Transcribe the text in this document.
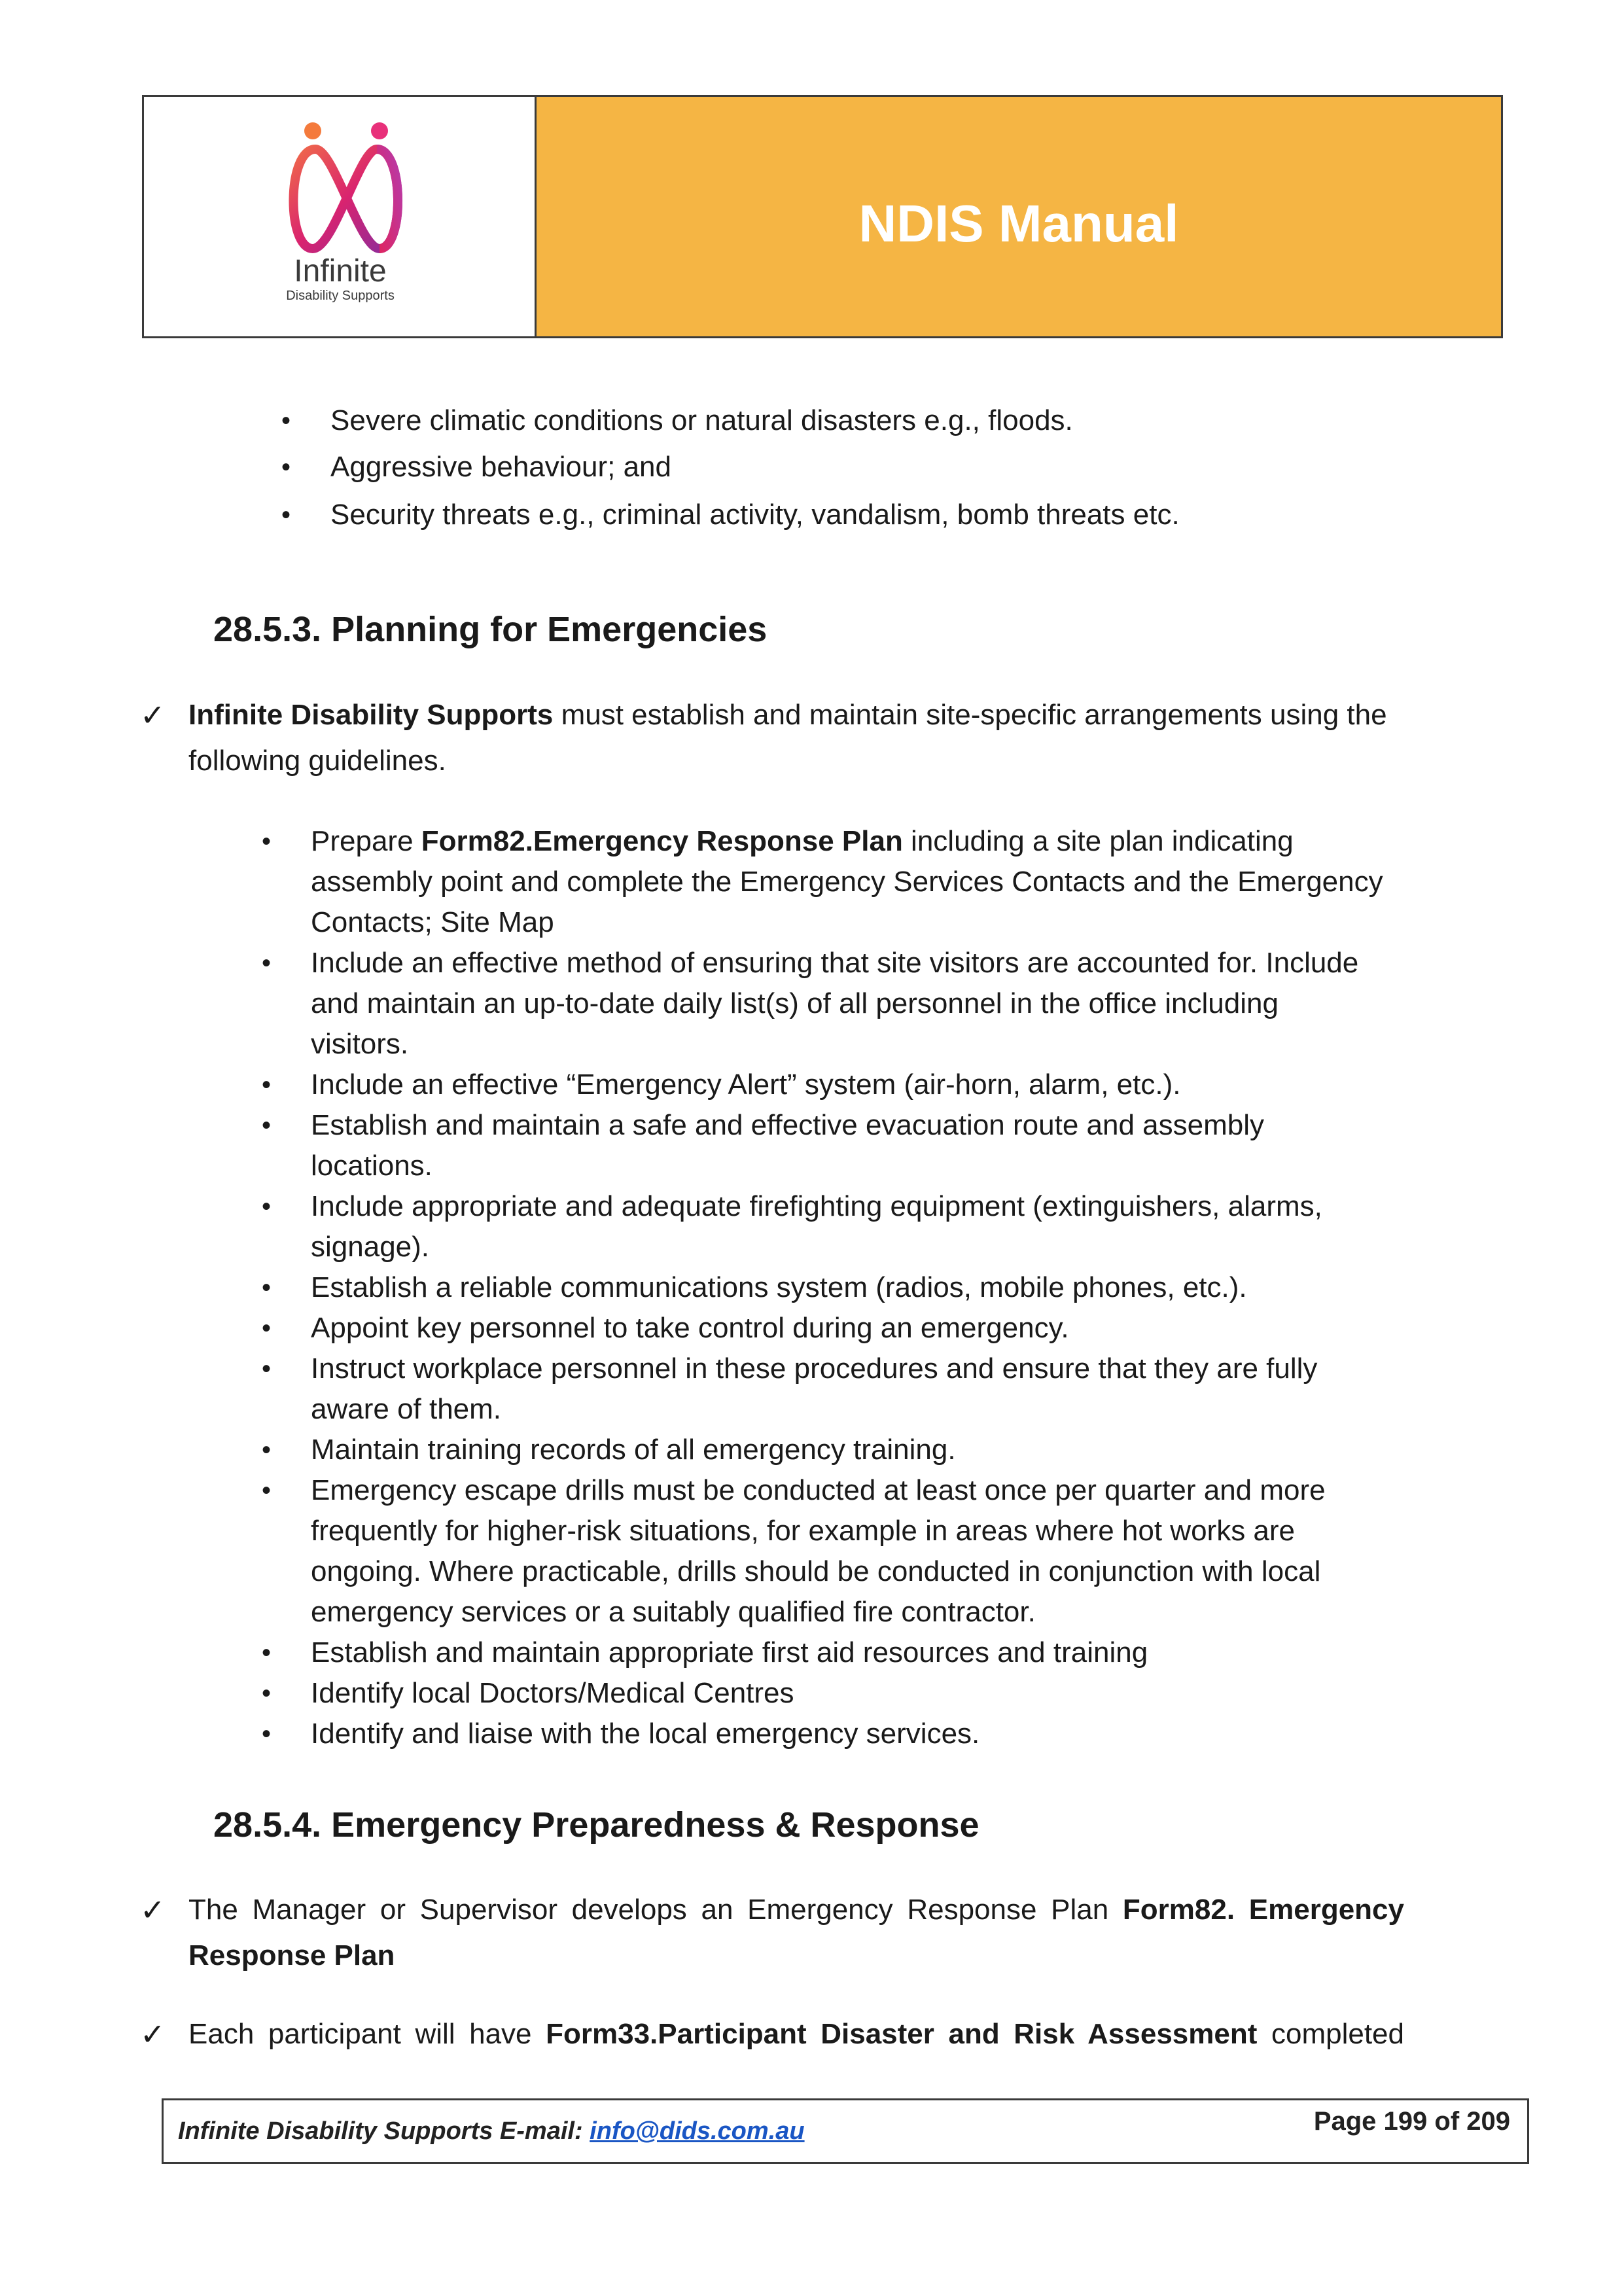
Infinite
Disability Supports
NDIS Manual
• Severe climatic conditions or natural disasters e.g., floods.
• Aggressive behaviour; and
• Security threats e.g., criminal activity, vandalism, bomb threats etc.
28.5.3. Planning for Emergencies
✓ Infinite Disability Supports must establish and maintain site-specific arrangements using the
following guidelines.
• Prepare Form82.Emergency Response Plan including a site plan indicating
assembly point and complete the Emergency Services Contacts and the Emergency
Contacts; Site Map
• Include an effective method of ensuring that site visitors are accounted for. Include
and maintain an up-to-date daily list(s) of all personnel in the office including
visitors.
• Include an effective “Emergency Alert” system (air-horn, alarm, etc.).
• Establish and maintain a safe and effective evacuation route and assembly
locations.
• Include appropriate and adequate firefighting equipment (extinguishers, alarms,
signage).
• Establish a reliable communications system (radios, mobile phones, etc.).
• Appoint key personnel to take control during an emergency.
• Instruct workplace personnel in these procedures and ensure that they are fully
aware of them.
• Maintain training records of all emergency training.
• Emergency escape drills must be conducted at least once per quarter and more
frequently for higher-risk situations, for example in areas where hot works are
ongoing. Where practicable, drills should be conducted in conjunction with local
emergency services or a suitably qualified fire contractor.
• Establish and maintain appropriate first aid resources and training
• Identify local Doctors/Medical Centres
• Identify and liaise with the local emergency services.
28.5.4. Emergency Preparedness & Response
✓ The Manager or Supervisor develops an Emergency Response Plan Form82. Emergency
Response Plan
✓ Each participant will have Form33.Participant Disaster and Risk Assessment completed
Infinite Disability Supports E-mail: info@dids.com.au	Page 199 of 209
